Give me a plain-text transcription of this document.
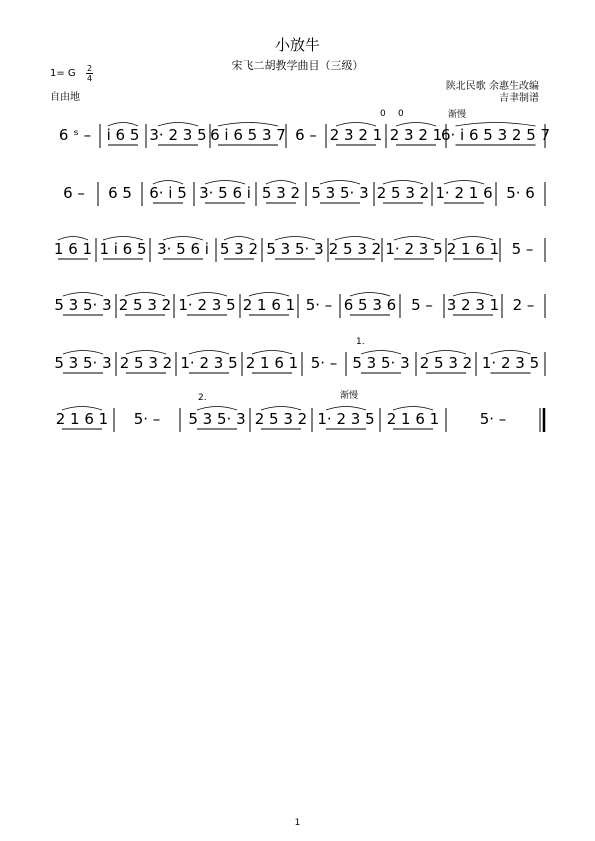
小放牛
宋飞二胡教学曲目（三级）
1= G 2
4
自由地
陕北民歌 余惠生改编
吉聿制谱
6 ˢ – i 6 5 3· 2 3 5 6 i 6 5 3 7 6 – 2 3 2 1 2 3 2 1
6· i 6 5 3 2 5 7
渐慢
0 0
6 – 6 5 6· i 5 3· 5 6 i 5 3 2 5 3 5· 3 2 5 3 2 1· 2 1 6 5· 6
1 6 1 1 i 6 5 3· 5 6 i 5 3 2 5 3 5· 3 2 5 3 2 1· 2 3 5 2 1 6 1 5 –
5 3 5· 3 2 5 3 2 1· 2 3 5 2 1 6 1 5· – 6 5 3 6 5 – 3 2 3 1 2 –
5 3 5· 3 2 5 3 2 1· 2 3 5 2 1 6 1 5· – 5 3 5· 3 2 5 3 2 1· 2 3 5
1.
2 1 6 1 5· – 5 3 5· 3 2 5 3 2 1· 2 3 5 2 1 6 1	5· –
2.	渐慢
1
